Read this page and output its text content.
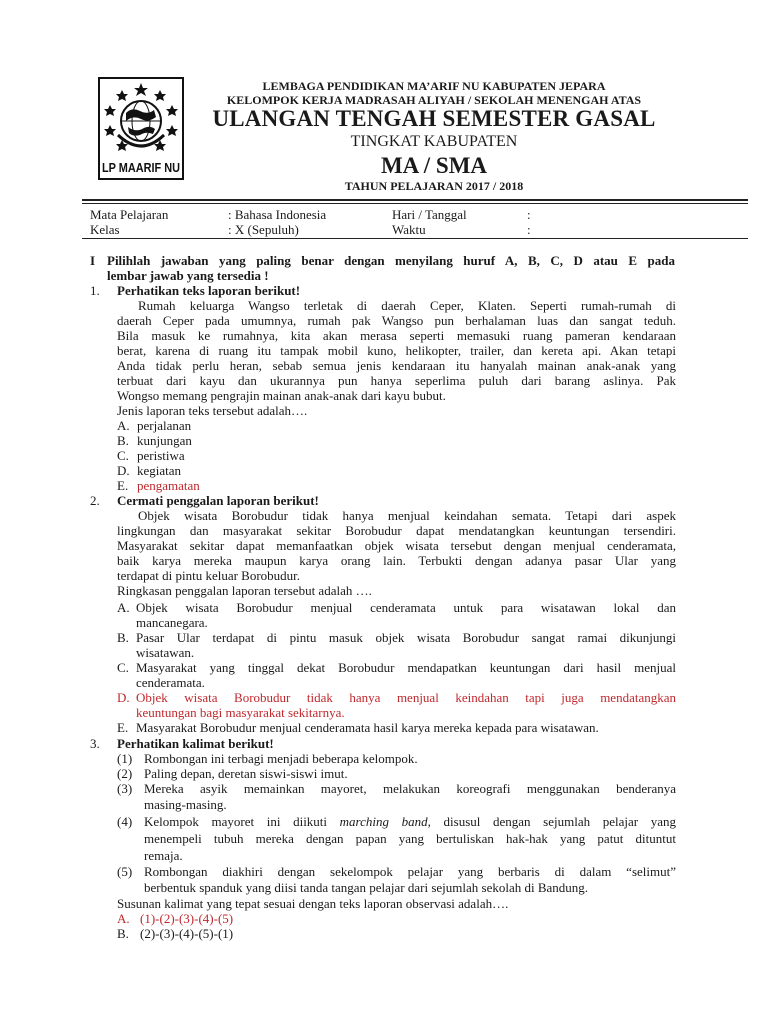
LP MAARIF NU
LEMBAGA PENDIDIKAN MA’ARIF NU KABUPATEN JEPARA
KELOMPOK KERJA MADRASAH ALIYAH / SEKOLAH MENENGAH ATAS
ULANGAN TENGAH SEMESTER GASAL
TINGKAT KABUPATEN
MA / SMA
TAHUN PELAJARAN 2017 / 2018
Mata Pelajaran	: Bahasa Indonesia	Hari / Tanggal	:
Kelas	: X (Sepuluh)	Waktu	:
I Pilihlah jawaban yang paling benar dengan menyilang huruf A, B, C, D atau E pada
lembar jawab yang tersedia !
1. Perhatikan teks laporan berikut!
Rumah keluarga Wangso terletak di daerah Ceper, Klaten. Seperti rumah-rumah di
daerah Ceper pada umumnya, rumah pak Wangso pun berhalaman luas dan sangat teduh.
Bila masuk ke rumahnya, kita akan merasa seperti memasuki ruang pameran kendaraan
berat, karena di ruang itu tampak mobil kuno, helikopter, trailer, dan kereta api. Akan tetapi
Anda tidak perlu heran, sebab semua jenis kendaraan itu hanyalah mainan anak-anak yang
terbuat dari kayu dan ukurannya pun hanya seperlima puluh dari barang aslinya. Pak
Wongso memang pengrajin mainan anak-anak dari kayu bubut.
Jenis laporan teks tersebut adalah….
A. perjalanan
B. kunjungan
C. peristiwa
D. kegiatan
E. pengamatan
2. Cermati penggalan laporan berikut!
Objek wisata Borobudur tidak hanya menjual keindahan semata. Tetapi dari aspek
lingkungan dan masyarakat sekitar Borobudur dapat mendatangkan keuntungan tersendiri.
Masyarakat sekitar dapat memanfaatkan objek wisata tersebut dengan menjual cenderamata,
baik karya mereka maupun karya orang lain. Terbukti dengan adanya pasar Ular yang
terdapat di pintu keluar Borobudur.
Ringkasan penggalan laporan tersebut adalah ….
A. Objek wisata Borobudur menjual cenderamata untuk para wisatawan lokal dan
mancanegara.
B. Pasar Ular terdapat di pintu masuk objek wisata Borobudur sangat ramai dikunjungi
wisatawan.
C. Masyarakat yang tinggal dekat Borobudur mendapatkan keuntungan dari hasil menjual
cenderamata.
D. Objek wisata Borobudur tidak hanya menjual keindahan tapi juga mendatangkan
keuntungan bagi masyarakat sekitarnya.
E. Masyarakat Borobudur menjual cenderamata hasil karya mereka kepada para wisatawan.
3. Perhatikan kalimat berikut!
(1) Rombongan ini terbagi menjadi beberapa kelompok.
(2) Paling depan, deretan siswi-siswi imut.
(3) Mereka asyik memainkan mayoret, melakukan koreografi menggunakan benderanya
masing-masing.
(4) Kelompok mayoret ini diikuti marching band, disusul dengan sejumlah pelajar yang
menempeli tubuh mereka dengan papan yang bertuliskan hak-hak yang patut dituntut
remaja.
(5) Rombongan diakhiri dengan sekelompok pelajar yang berbaris di dalam “selimut”
berbentuk spanduk yang diisi tanda tangan pelajar dari sejumlah sekolah di Bandung.
Susunan kalimat yang tepat sesuai dengan teks laporan observasi adalah….
A. (1)-(2)-(3)-(4)-(5)
B. (2)-(3)-(4)-(5)-(1)
